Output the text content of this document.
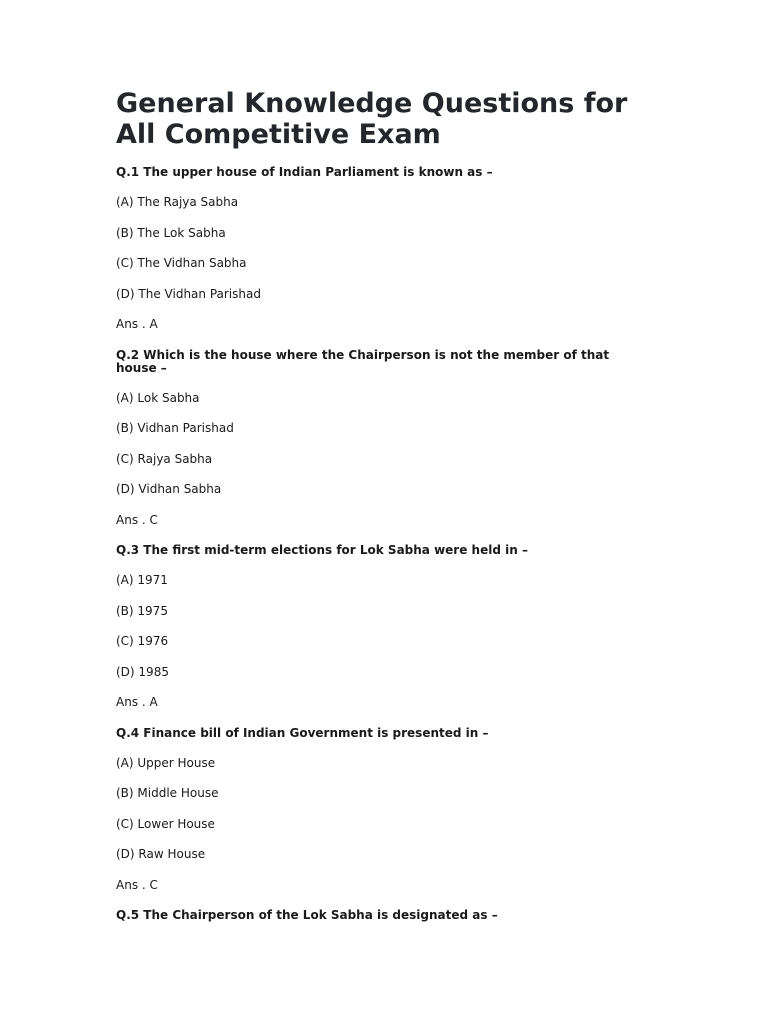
General Knowledge Questions for All Competitive Exam

Q.1 The upper house of Indian Parliament is known as –

(A) The Rajya Sabha

(B) The Lok Sabha

(C) The Vidhan Sabha

(D) The Vidhan Parishad

Ans . A

Q.2 Which is the house where the Chairperson is not the member of that house –

(A) Lok Sabha

(B) Vidhan Parishad

(C) Rajya Sabha

(D) Vidhan Sabha

Ans . C

Q.3 The first mid-term elections for Lok Sabha were held in –

(A) 1971

(B) 1975

(C) 1976

(D) 1985

Ans . A

Q.4 Finance bill of Indian Government is presented in –

(A) Upper House

(B) Middle House

(C) Lower House

(D) Raw House

Ans . C

Q.5 The Chairperson of the Lok Sabha is designated as –
